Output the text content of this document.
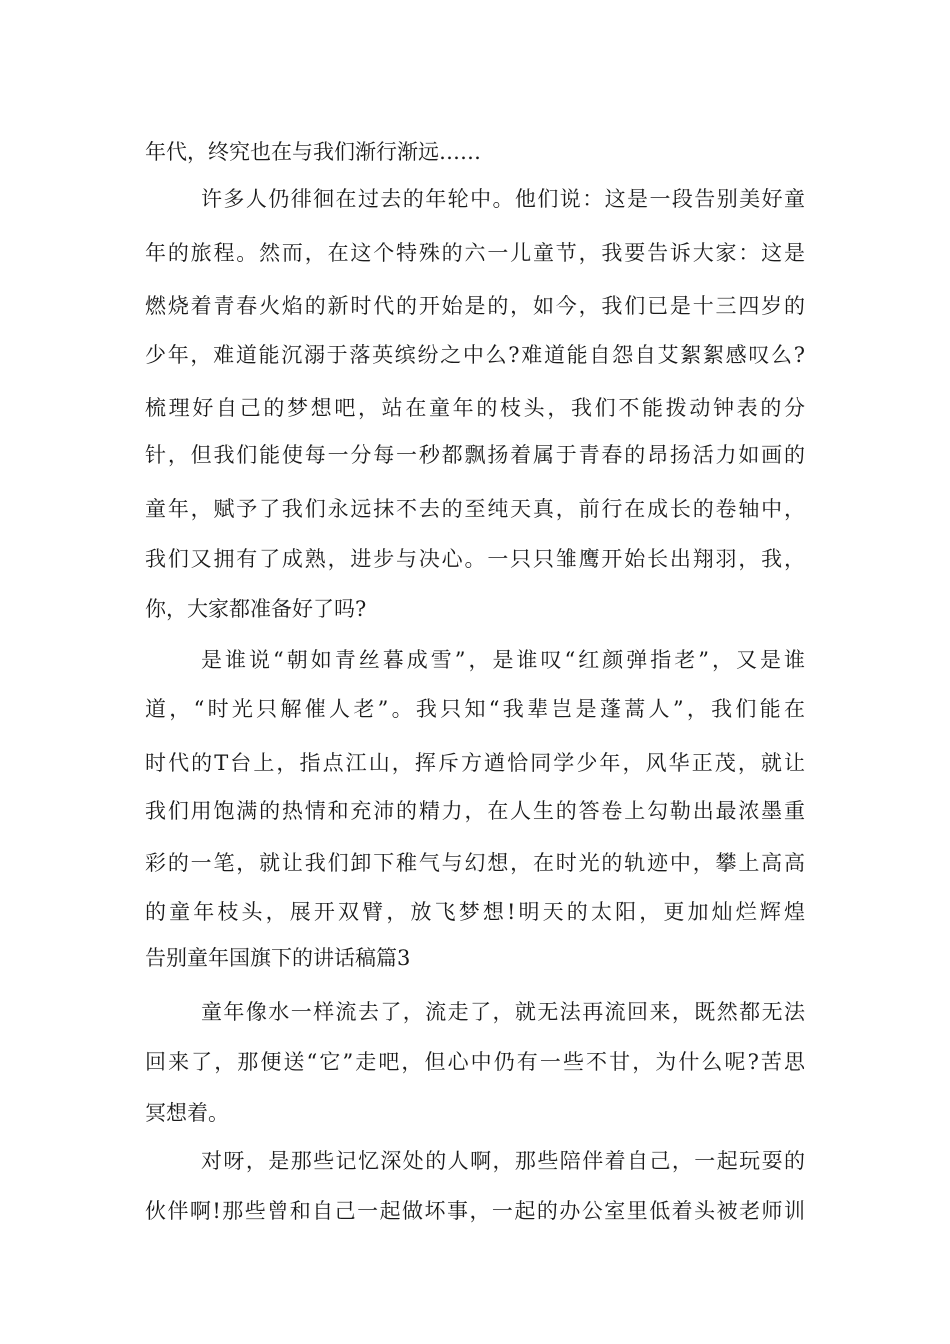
年代，终究也在与我们渐行渐远……
许多人仍徘徊在过去的年轮中。他们说：这是一段告别美好童
年的旅程。然而，在这个特殊的六一儿童节，我要告诉大家：这是
燃烧着青春火焰的新时代的开始是的，如今，我们已是十三四岁的
少年，难道能沉溺于落英缤纷之中么?难道能自怨自艾絮絮感叹么?
梳理好自己的梦想吧，站在童年的枝头，我们不能拨动钟表的分
针，但我们能使每一分每一秒都飘扬着属于青春的昂扬活力如画的
童年，赋予了我们永远抹不去的至纯天真，前行在成长的卷轴中，
我们又拥有了成熟，进步与决心。一只只雏鹰开始长出翔羽，我，
你，大家都准备好了吗?
是谁说“朝如青丝暮成雪”，是谁叹“红颜弹指老”，又是谁
道，“时光只解催人老”。我只知“我辈岂是蓬蒿人”，我们能在
时代的T台上，指点江山，挥斥方遒恰同学少年，风华正茂，就让
我们用饱满的热情和充沛的精力，在人生的答卷上勾勒出最浓墨重
彩的一笔，就让我们卸下稚气与幻想，在时光的轨迹中，攀上高高
的童年枝头，展开双臂，放飞梦想!明天的太阳，更加灿烂辉煌
告别童年国旗下的讲话稿篇3
童年像水一样流去了，流走了，就无法再流回来，既然都无法
回来了，那便送“它”走吧，但心中仍有一些不甘，为什么呢?苦思
冥想着。
对呀，是那些记忆深处的人啊，那些陪伴着自己，一起玩耍的
伙伴啊!那些曾和自己一起做坏事，一起的办公室里低着头被老师训
